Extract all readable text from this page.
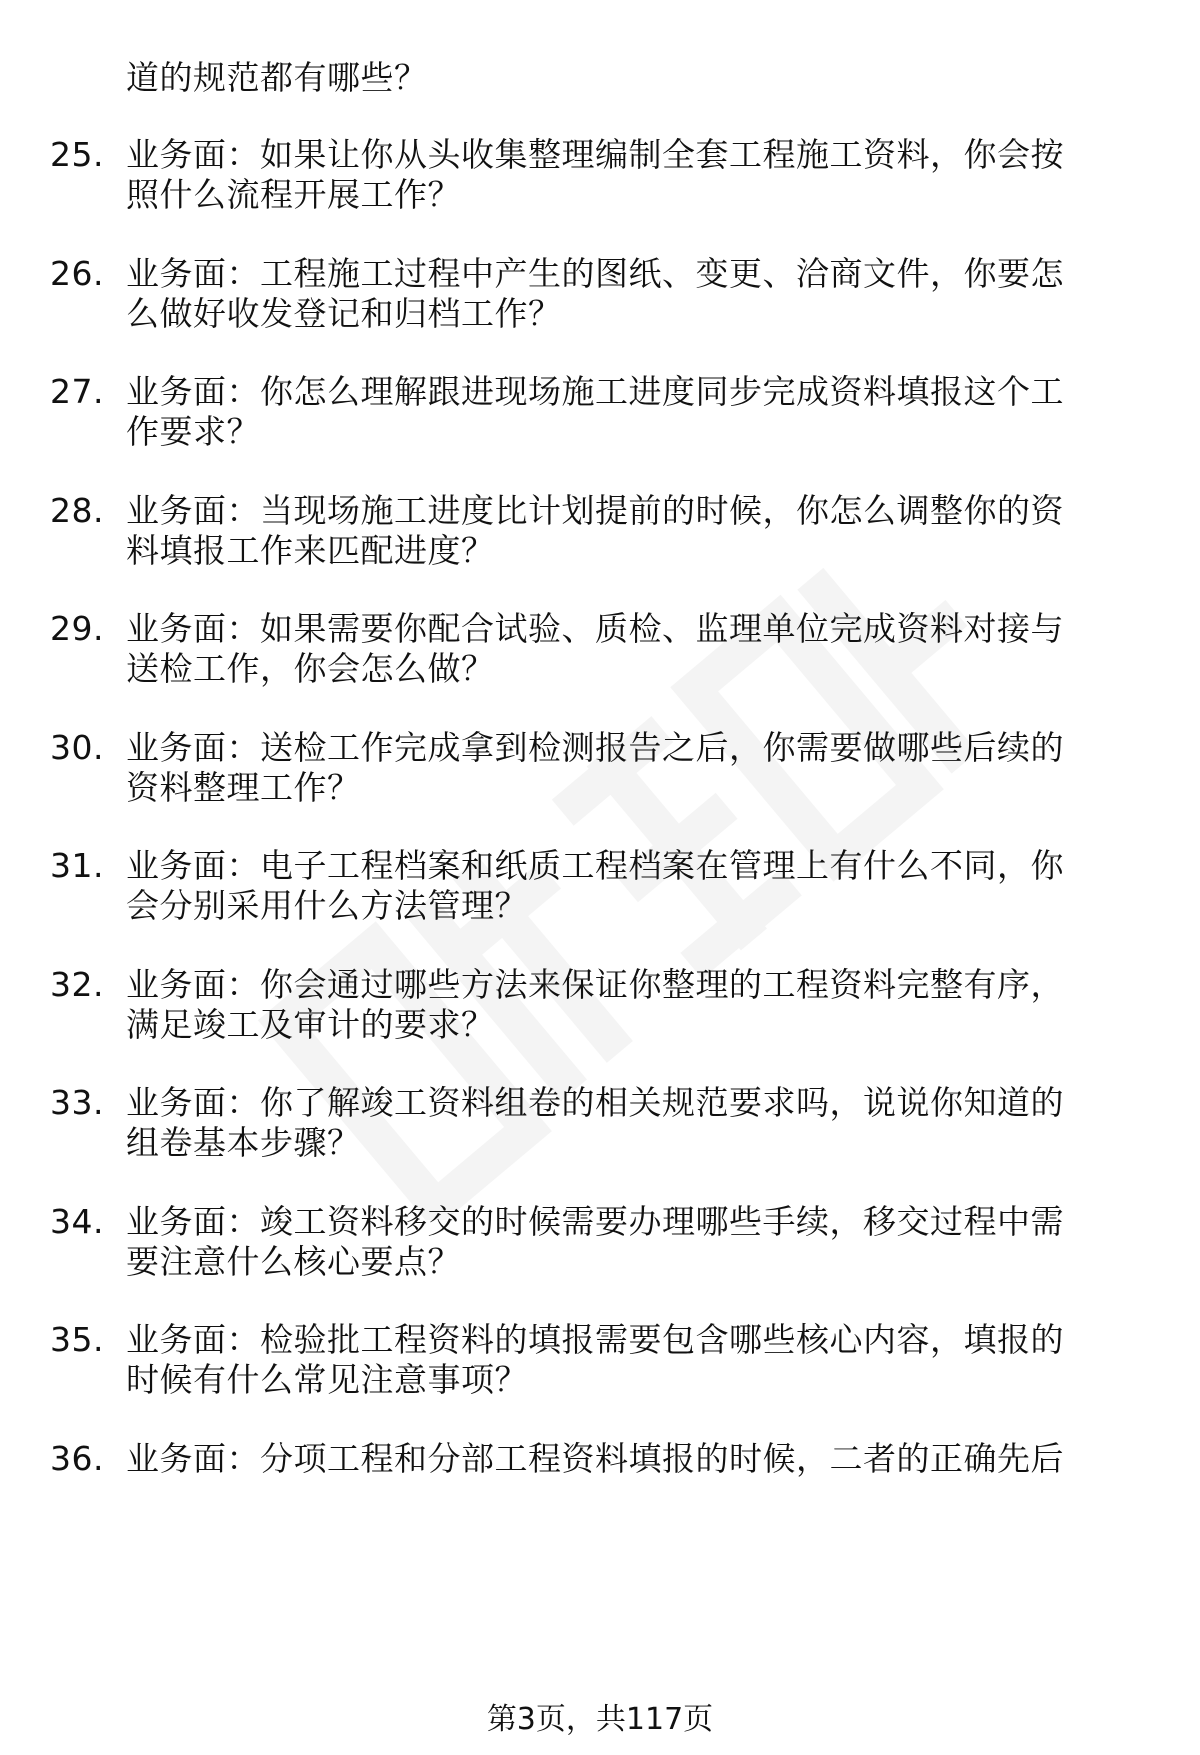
道的规范都有哪些？
25. 业务面：如果让你从头收集整理编制全套工程施工资料，你会按
照什么流程开展工作？
26. 业务面：工程施工过程中产生的图纸、变更、洽商文件，你要怎
么做好收发登记和归档工作？
27. 业务面：你怎么理解跟进现场施工进度同步完成资料填报这个工
作要求？
28. 业务面：当现场施工进度比计划提前的时候，你怎么调整你的资
料填报工作来匹配进度？
29. 业务面：如果需要你配合试验、质检、监理单位完成资料对接与
送检工作，你会怎么做？
30. 业务面：送检工作完成拿到检测报告之后，你需要做哪些后续的
资料整理工作？
31. 业务面：电子工程档案和纸质工程档案在管理上有什么不同，你
会分别采用什么方法管理？
32. 业务面：你会通过哪些方法来保证你整理的工程资料完整有序，
满足竣工及审计的要求？
33. 业务面：你了解竣工资料组卷的相关规范要求吗，说说你知道的
组卷基本步骤？
34. 业务面：竣工资料移交的时候需要办理哪些手续，移交过程中需
要注意什么核心要点？
35. 业务面：检验批工程资料的填报需要包含哪些核心内容，填报的
时候有什么常见注意事项？
36. 业务面：分项工程和分部工程资料填报的时候，二者的正确先后
第3页，共117页
